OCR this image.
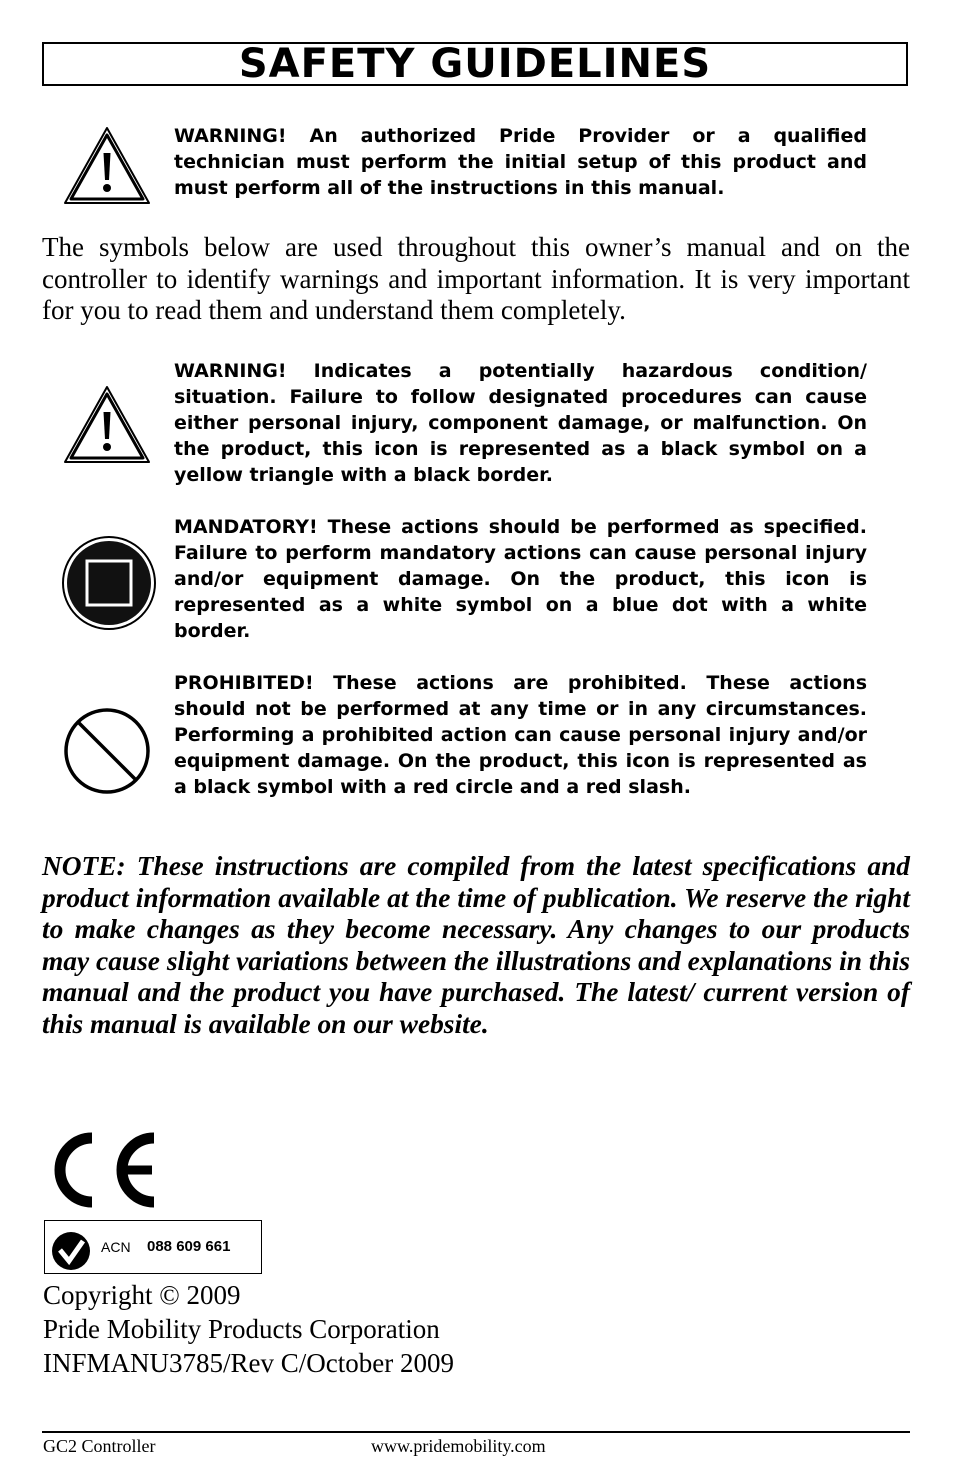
SAFETY GUIDELINES
WARNING! An authorized Pride Provider or a qualified technician must perform the initial setup of this product and must perform all of the instructions in this manual.
The symbols below are used throughout this owner’s manual and on the controller to identify warnings and important information. It is very important for you to read them and understand them completely.
WARNING! Indicates a potentially hazardous condition/ situation. Failure to follow designated procedures can cause either personal injury, component damage, or malfunction. On the product, this icon is represented as a black symbol on a yellow triangle with a black border.
MANDATORY! These actions should be performed as specified. Failure to perform mandatory actions can cause personal injury and/or equipment damage. On the product, this icon is represented as a white symbol on a blue dot with a white border.
PROHIBITED! These actions are prohibited. These actions should not be performed at any time or in any circumstances. Performing a prohibited action can cause personal injury and/or equipment damage. On the product, this icon is represented as a black symbol with a red circle and a red slash.
NOTE: These instructions are compiled from the latest specifications and product information available at the time of publication. We reserve the right to make changes as they become necessary. Any changes to our products may cause slight variations between the illustrations and explanations in this manual and the product you have purchased. The latest/ current version of this manual is available on our website.
ACN 088 609 661
Copyright © 2009
Pride Mobility Products Corporation
INFMANU3785/Rev C/October 2009
GC2 Controller	www.pridemobility.com
